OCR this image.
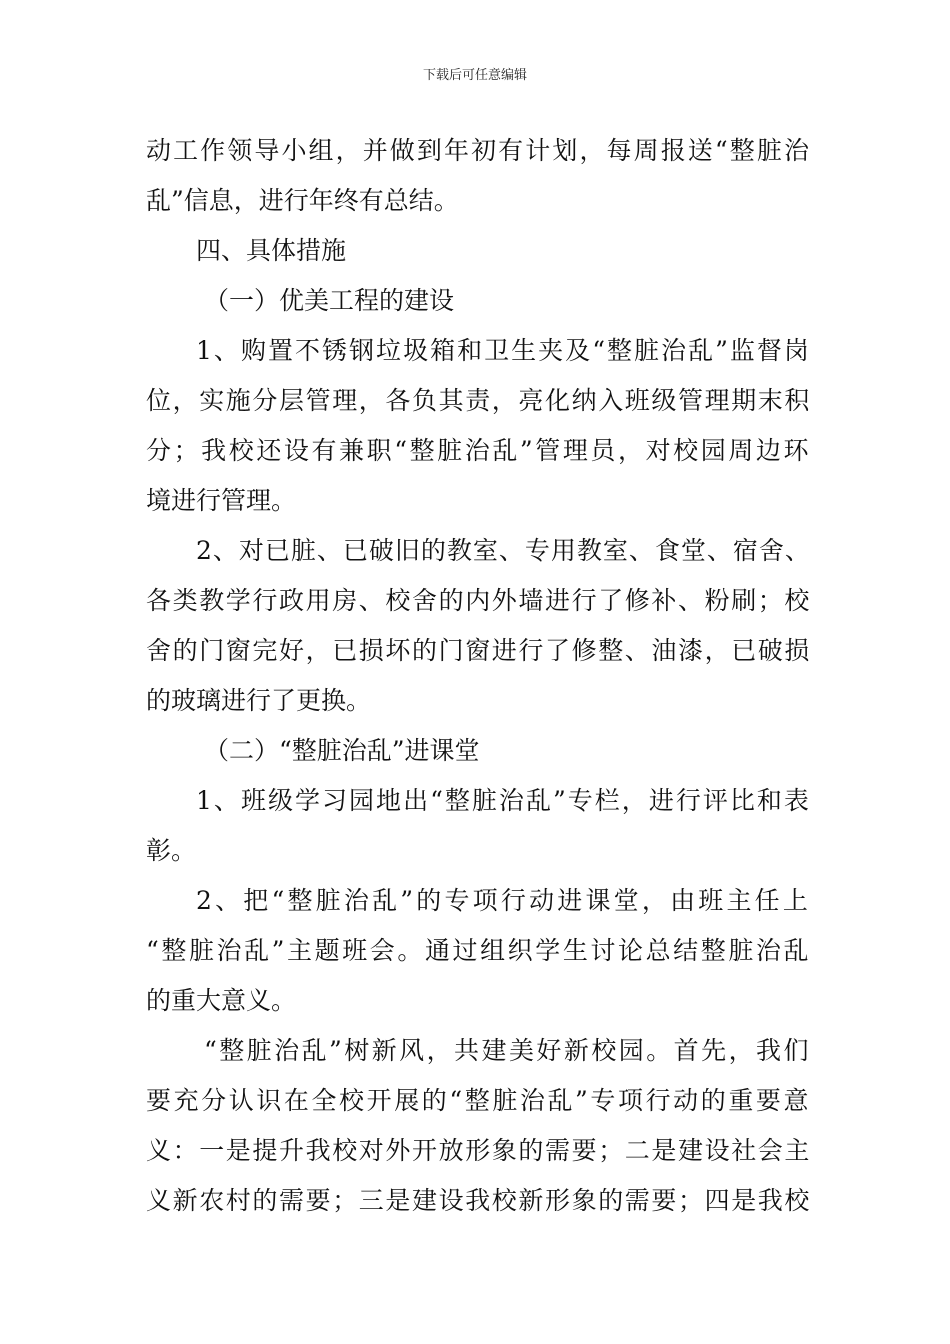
下载后可任意编辑
动工作领导小组，并做到年初有计划，每周报送“整脏治
乱”信息，进行年终有总结。
四、具体措施
（一）优美工程的建设
1、购置不锈钢垃圾箱和卫生夹及“整脏治乱”监督岗
位，实施分层管理，各负其责，亮化纳入班级管理期末积
分；我校还设有兼职“整脏治乱”管理员，对校园周边环
境进行管理。
2、对已脏、已破旧的教室、专用教室、食堂、宿舍、
各类教学行政用房、校舍的内外墙进行了修补、粉刷；校
舍的门窗完好，已损坏的门窗进行了修整、油漆，已破损
的玻璃进行了更换。
（二）“整脏治乱”进课堂
1、班级学习园地出“整脏治乱”专栏，进行评比和表
彰。
2、把“整脏治乱”的专项行动进课堂，由班主任上
“整脏治乱”主题班会。通过组织学生讨论总结整脏治乱
的重大意义。
“整脏治乱”树新风，共建美好新校园。首先，我们
要充分认识在全校开展的“整脏治乱”专项行动的重要意
义：一是提升我校对外开放形象的需要；二是建设社会主
义新农村的需要；三是建设我校新形象的需要；四是我校
